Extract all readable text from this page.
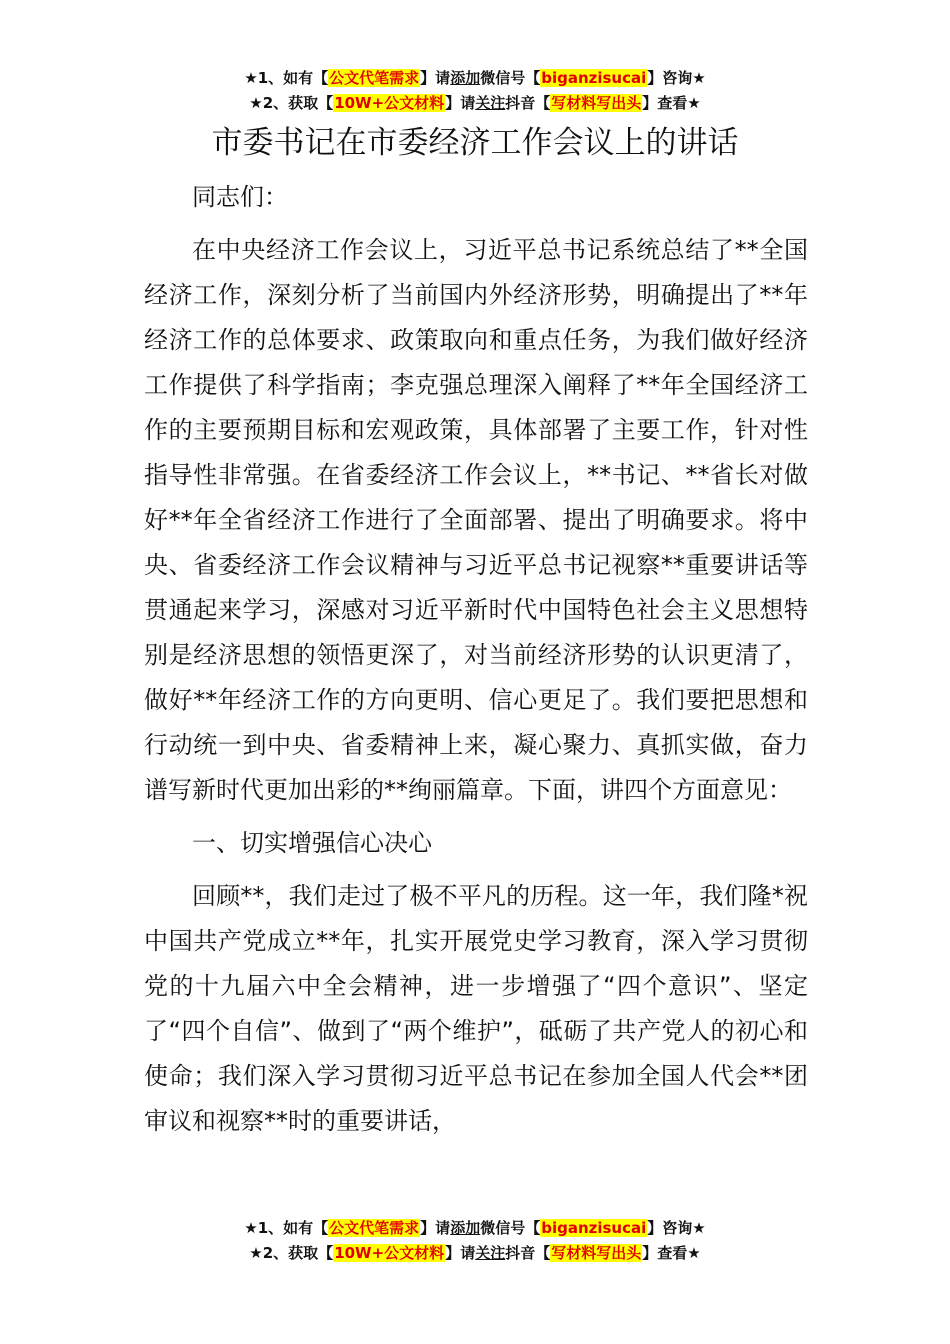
★1、如有【公文代笔需求】请添加微信号【biganzisucai】咨询★
★2、获取【10W+公文材料】请关注抖音【写材料写出头】查看★
市委书记在市委经济工作会议上的讲话

同志们：

在中央经济工作会议上，习近平总书记系统总结了**全国经济工作，深刻分析了当前国内外经济形势，明确提出了**年经济工作的总体要求、政策取向和重点任务，为我们做好经济工作提供了科学指南；李克强总理深入阐释了**年全国经济工作的主要预期目标和宏观政策，具体部署了主要工作，针对性指导性非常强。在省委经济工作会议上，**书记、**省长对做好**年全省经济工作进行了全面部署、提出了明确要求。将中央、省委经济工作会议精神与习近平总书记视察**重要讲话等贯通起来学习，深感对习近平新时代中国特色社会主义思想特别是经济思想的领悟更深了，对当前经济形势的认识更清了，做好**年经济工作的方向更明、信心更足了。我们要把思想和行动统一到中央、省委精神上来，凝心聚力、真抓实做，奋力谱写新时代更加出彩的**绚丽篇章。下面，讲四个方面意见：

一、切实增强信心决心

回顾**，我们走过了极不平凡的历程。这一年，我们隆*祝中国共产党成立**年，扎实开展党史学习教育，深入学习贯彻党的十九届六中全会精神，进一步增强了“四个意识”、坚定了“四个自信”、做到了“两个维护”，砥砺了共产党人的初心和使命；我们深入学习贯彻习近平总书记在参加全国人代会**团审议和视察**时的重要讲话，

★1、如有【公文代笔需求】请添加微信号【biganzisucai】咨询★
★2、获取【10W+公文材料】请关注抖音【写材料写出头】查看★
